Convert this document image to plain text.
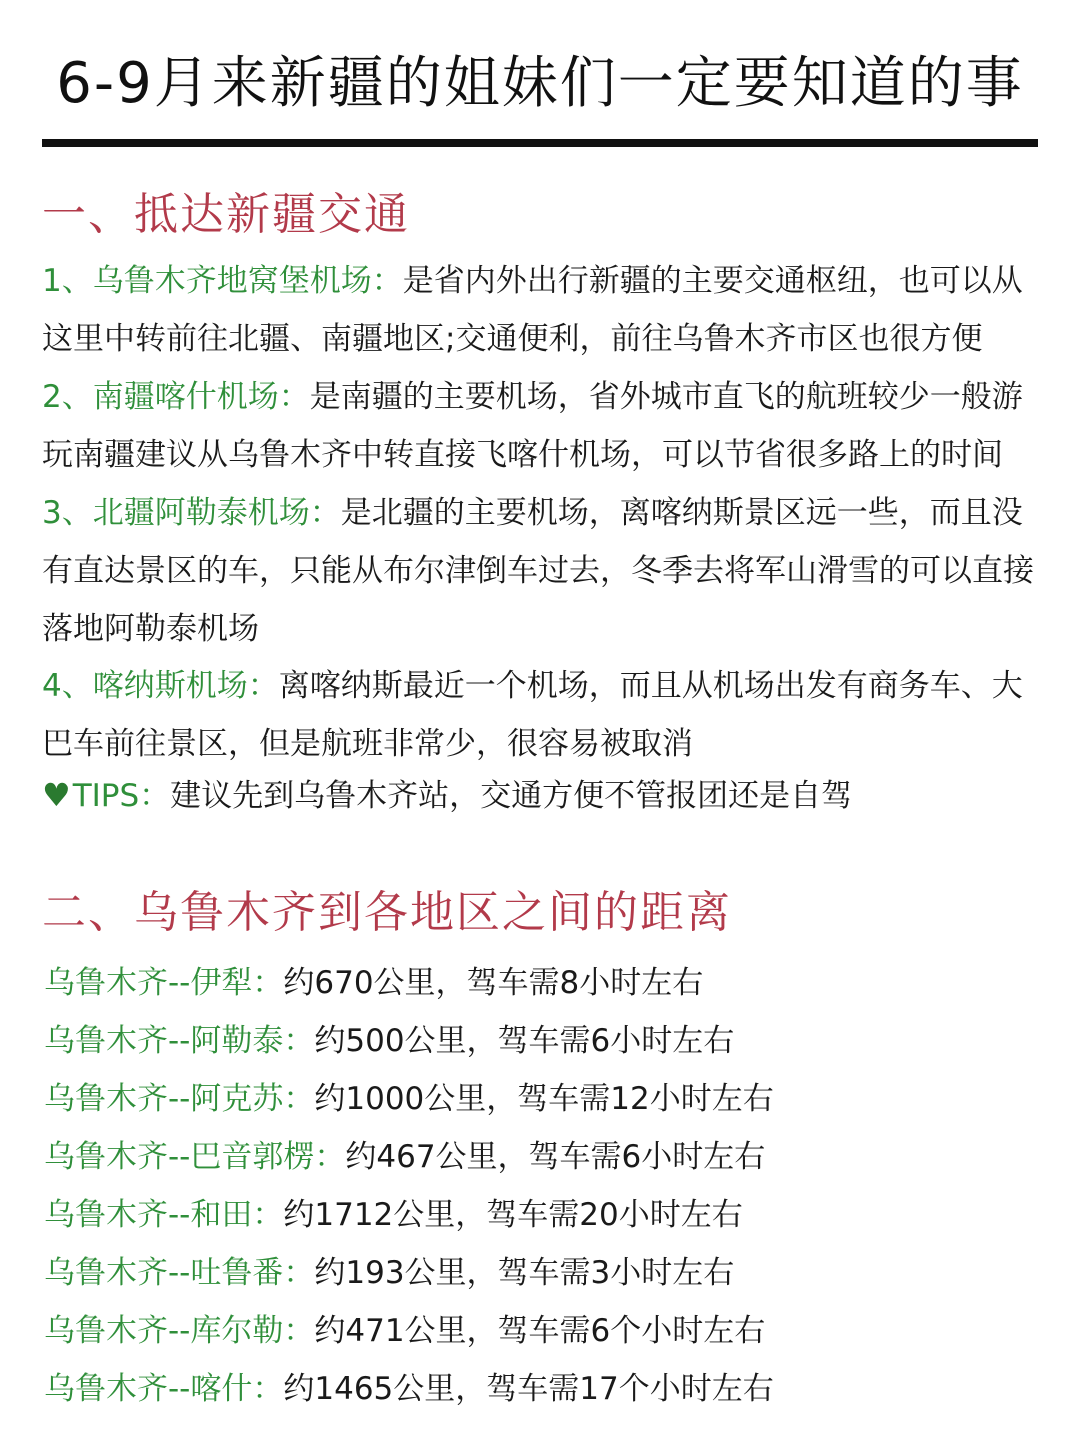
6-9月来新疆的姐妹们一定要知道的事
一、抵达新疆交通
1、乌鲁木齐地窝堡机场：是省内外出行新疆的主要交通枢纽，也可以从这里中转前往北疆、南疆地区;交通便利，前往乌鲁木齐市区也很方便
2、南疆喀什机场：是南疆的主要机场，省外城市直飞的航班较少一般游玩南疆建议从乌鲁木齐中转直接飞喀什机场，可以节省很多路上的时间
3、北疆阿勒泰机场：是北疆的主要机场，离喀纳斯景区远一些，而且没有直达景区的车，只能从布尔津倒车过去，冬季去将军山滑雪的可以直接落地阿勒泰机场
4、喀纳斯机场：离喀纳斯最近一个机场，而且从机场出发有商务车、大巴车前往景区，但是航班非常少，很容易被取消
♥TIPS：建议先到乌鲁木齐站，交通方便不管报团还是自驾
二、乌鲁木齐到各地区之间的距离
乌鲁木齐--伊犁：约670公里，驾车需8小时左右
乌鲁木齐--阿勒泰：约500公里，驾车需6小时左右
乌鲁木齐--阿克苏：约1000公里，驾车需12小时左右
乌鲁木齐--巴音郭楞：约467公里，驾车需6小时左右
乌鲁木齐--和田：约1712公里，驾车需20小时左右
乌鲁木齐--吐鲁番：约193公里，驾车需3小时左右
乌鲁木齐--库尔勒：约471公里，驾车需6个小时左右
乌鲁木齐--喀什：约1465公里，驾车需17个小时左右
